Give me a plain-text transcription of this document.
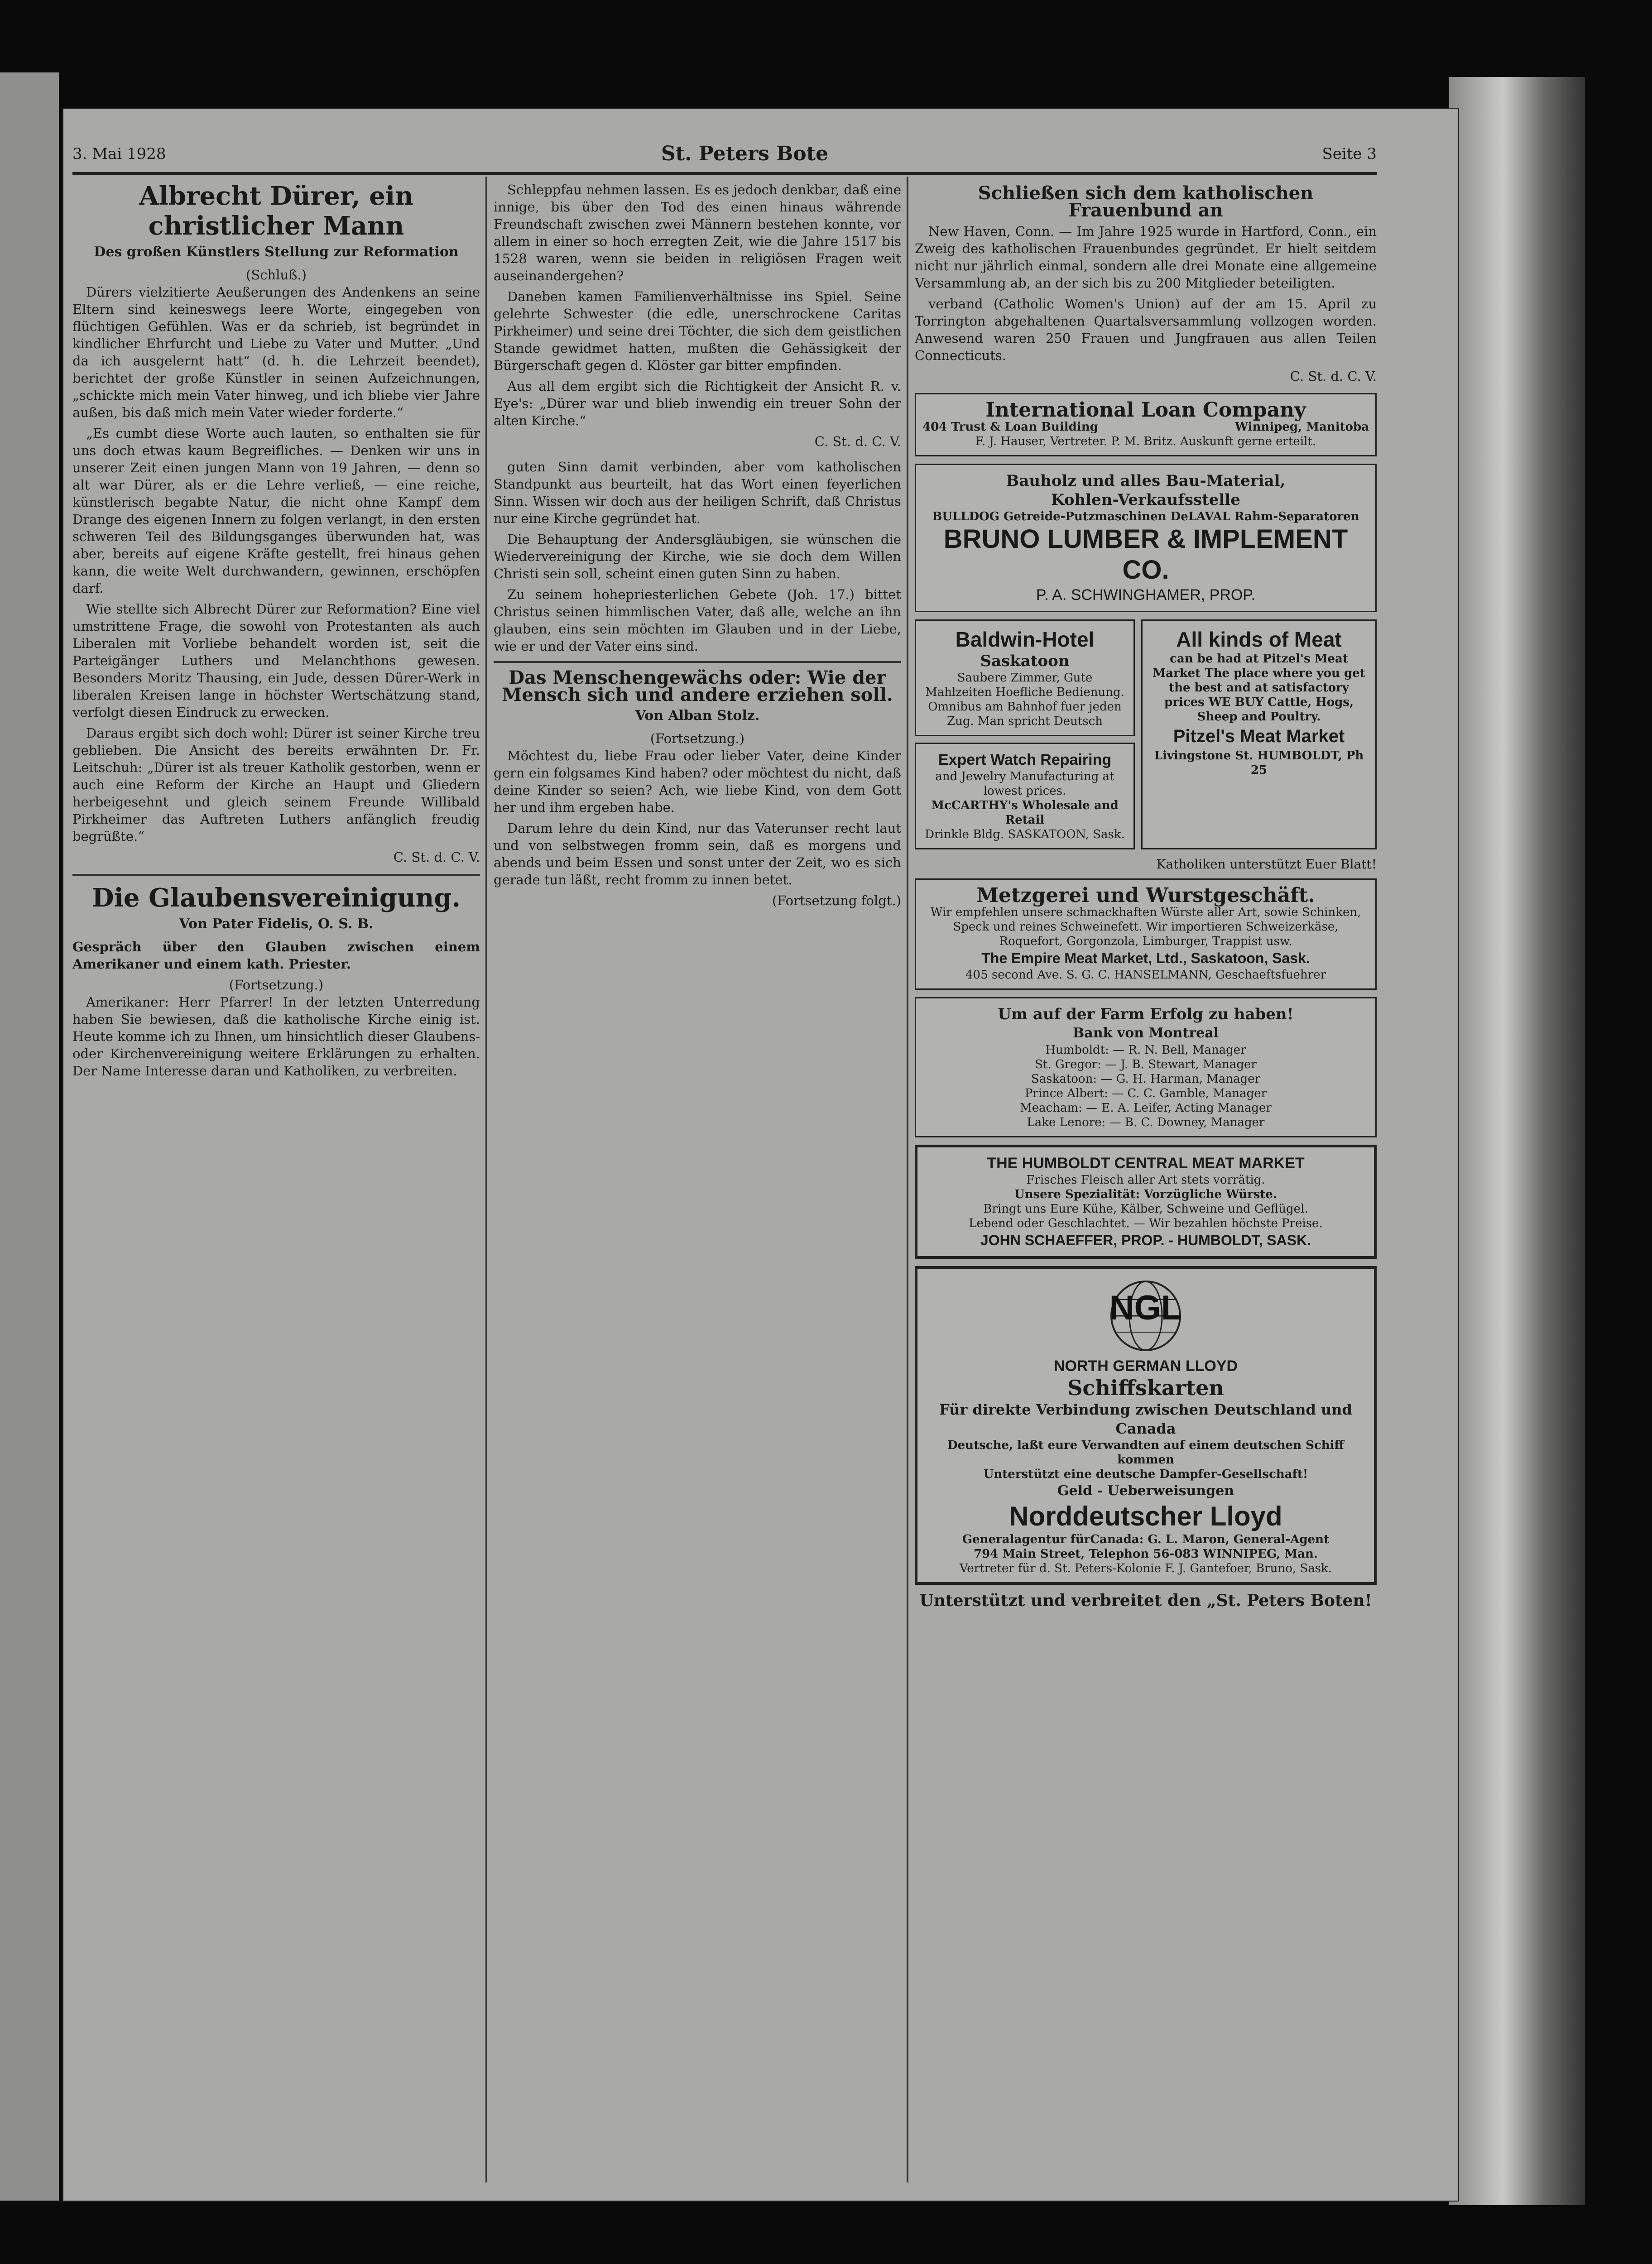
3. Mai 1928	St. Peters Bote	Seite 3
Albrecht Dürer, ein christlicher Mann
Des großen Künstlers Stellung zur Reformation
(Schluß.)

Dürers vielzitierte Aeußerungen des Andenkens an seine Eltern sind keineswegs leere Worte, eingegeben von flüchtigen Gefühlen. Was er da schrieb, ist begründet in kindlicher Ehrfurcht und Liebe zu Vater und Mutter. „Und da ich ausgelernt hatt“ (d. h. die Lehrzeit beendet), berichtet der große Künstler in seinen Aufzeichnungen, „schickte mich mein Vater hinweg, und ich bliebe vier Jahre außen, bis daß mich mein Vater wieder forderte.“

„Es cumbt diese Worte auch lauten, so enthalten sie für uns doch etwas kaum Begreifliches. — Denken wir uns in unserer Zeit einen jungen Mann von 19 Jahren, — denn so alt war Dürer, als er die Lehre verließ, — eine reiche, künstlerisch begabte Natur, die nicht ohne Kampf dem Drange des eigenen Innern zu folgen verlangt, in den ersten schweren Teil des Bildungsganges überwunden hat, was aber, bereits auf eigene Kräfte gestellt, frei hinaus gehen kann, die weite Welt durchwandern, gewinnen, erschöpfen darf.

Wie stellte sich Albrecht Dürer zur Reformation? Eine viel umstrittene Frage, die sowohl von Protestanten als auch Liberalen mit Vorliebe behandelt worden ist, seit die Parteigänger Luthers und Melanchthons gewesen. Besonders Moritz Thausing, ein Jude, dessen Dürer-Werk in liberalen Kreisen lange in höchster Wertschätzung stand, verfolgt diesen Eindruck zu erwecken.

Daraus ergibt sich doch wohl: Dürer ist seiner Kirche treu geblieben. Die Ansicht des bereits erwähnten Dr. Fr. Leitschuh: „Dürer ist als treuer Katholik gestorben, wenn er auch eine Reform der Kirche an Haupt und Gliedern herbeigesehnt und gleich seinem Freunde Willibald Pirkheimer das Auftreten Luthers anfänglich freudig begrüßte.“

C. St. d. C. V.
Die Glaubensvereinigung.
Von Pater Fidelis, O. S. B.

Gespräch über den Glauben zwischen einem Amerikaner und einem kath. Priester.

(Fortsetzung.)

Amerikaner: Herr Pfarrer! In der letzten Unterredung haben Sie bewiesen, daß die katholische Kirche einig ist. Heute komme ich zu Ihnen, um hinsichtlich dieser Glaubens- oder Kirchenvereinigung weitere Erklärungen zu erhalten. Der Name Interesse daran und Katholiken, zu verbreiten.

Schleppfau nehmen lassen. Es es jedoch denkbar, daß eine innige, bis über den Tod des einen hinaus währende Freundschaft zwischen zwei Männern bestehen konnte, vor allem in einer so hoch erregten Zeit, wie die Jahre 1517 bis 1528 waren, wenn sie beiden in religiösen Fragen weit auseinandergehen?

Daneben kamen Familienverhältnisse ins Spiel. Seine gelehrte Schwester (die edle, unerschrockene Caritas Pirkheimer) und seine drei Töchter, die sich dem geistlichen Stande gewidmet hatten, mußten die Gehässigkeit der Bürgerschaft gegen d. Klöster gar bitter empfinden.

Aus all dem ergibt sich die Richtigkeit der Ansicht R. v. Eye's: „Dürer war und blieb inwendig ein treuer Sohn der alten Kirche.“

C. St. d. C. V.

guten Sinn damit verbinden, aber vom katholischen Standpunkt aus beurteilt, hat das Wort einen feyerlichen Sinn. Wissen wir doch aus der heiligen Schrift, daß Christus nur eine Kirche gegründet hat.

Die Behauptung der Andersgläubigen, sie wünschen die Wiedervereinigung der Kirche, wie sie doch dem Willen Christi sein soll, scheint einen guten Sinn zu haben.

Zu seinem hohepriesterlichen Gebete (Joh. 17.) bittet Christus seinen himmlischen Vater, daß alle, welche an ihn glauben, eins sein möchten im Glauben und in der Liebe, wie er und der Vater eins sind.

Das Menschengewächs oder: Wie der Mensch sich und andere erziehen soll.
Von Alban Stolz.
(Fortsetzung.)

Möchtest du, liebe Frau oder lieber Vater, deine Kinder gern ein folgsames Kind haben? oder möchtest du nicht, daß deine Kinder so seien? Ach, wie liebe Kind, von dem Gott her und ihm ergeben habe.

Darum lehre du dein Kind, nur das Vaterunser recht laut und von selbstwegen fromm sein, daß es morgens und abends und beim Essen und sonst unter der Zeit, wo es sich gerade tun läßt, recht fromm zu innen betet.

(Fortsetzung folgt.)
Schließen sich dem katholischen Frauenbund an

New Haven, Conn. — Im Jahre 1925 wurde in Hartford, Conn., ein Zweig des katholischen Frauenbundes gegründet. Er hielt seitdem nicht nur jährlich einmal, sondern alle drei Monate eine allgemeine Versammlung ab, an der sich bis zu 200 Mitglieder beteiligten.

verband (Catholic Women's Union) auf der am 15. April zu Torrington abgehaltenen Quartalsversammlung vollzogen worden. Anwesend waren 250 Frauen und Jungfrauen aus allen Teilen Connecticuts.

C. St. d. C. V.
International Loan Company
404 Trust & Loan Building	Winnipeg, Manitoba
F. J. Hauser, Vertreter. P. M. Britz. Auskunft gerne erteilt.
Bauholz und alles Bau-Material,
Kohlen-Verkaufsstelle
BULLDOG Getreide-Putzmaschinen DeLAVAL Rahm-Separatoren
BRUNO LUMBER & IMPLEMENT CO.
P. A. SCHWINGHAMER, PROP.
Baldwin-Hotel
Saskatoon
Saubere Zimmer, Gute Mahlzeiten Hoefliche Bedienung.
Omnibus am Bahnhof fuer jeden Zug. Man spricht Deutsch
Expert Watch Repairing
and Jewelry Manufacturing at lowest prices.
McCARTHY's Wholesale and Retail
Drinkle Bldg. SASKATOON, Sask.
All kinds of Meat
can be had at Pitzel's Meat Market The place where you get the best and at satisfactory prices WE BUY Cattle, Hogs, Sheep and Poultry.
Pitzel's Meat Market
Livingstone St. HUMBOLDT, Ph 25
Katholiken unterstützt Euer Blatt!
Metzgerei und Wurstgeschäft.
Wir empfehlen unsere schmackhaften Würste aller Art, sowie Schinken, Speck und reines Schweinefett. Wir importieren Schweizerkäse, Roquefort, Gorgonzola, Limburger, Trappist usw.
The Empire Meat Market, Ltd., Saskatoon, Sask.
405 second Ave. S. G. C. HANSELMANN, Geschaeftsfuehrer
Um auf der Farm Erfolg zu haben!
Bank von Montreal
Humboldt: — R. N. Bell, Manager
St. Gregor: — J. B. Stewart, Manager
Saskatoon: — G. H. Harman, Manager
Prince Albert: — C. C. Gamble, Manager
Meacham: — E. A. Leifer, Acting Manager
Lake Lenore: — B. C. Downey, Manager
THE HUMBOLDT CENTRAL MEAT MARKET
Frisches Fleisch aller Art stets vorrätig.
Unsere Spezialität: Vorzügliche Würste.
Bringt uns Eure Kühe, Kälber, Schweine und Geflügel.
Lebend oder Geschlachtet. — Wir bezahlen höchste Preise.
JOHN SCHAEFFER, PROP. - HUMBOLDT, SASK.
NGL
NORTH GERMAN LLOYD
Schiffskarten
Für direkte Verbindung zwischen Deutschland und Canada
Deutsche, laßt eure Verwandten auf einem deutschen Schiff kommen
Unterstützt eine deutsche Dampfer-Gesellschaft!
Geld - Ueberweisungen
Norddeutscher Lloyd
Generalagentur fürCanada: G. L. Maron, General-Agent
794 Main Street, Telephon 56-083 WINNIPEG, Man.
Vertreter für d. St. Peters-Kolonie F. J. Gantefoer, Bruno, Sask.
Unterstützt und verbreitet den „St. Peters Boten!
